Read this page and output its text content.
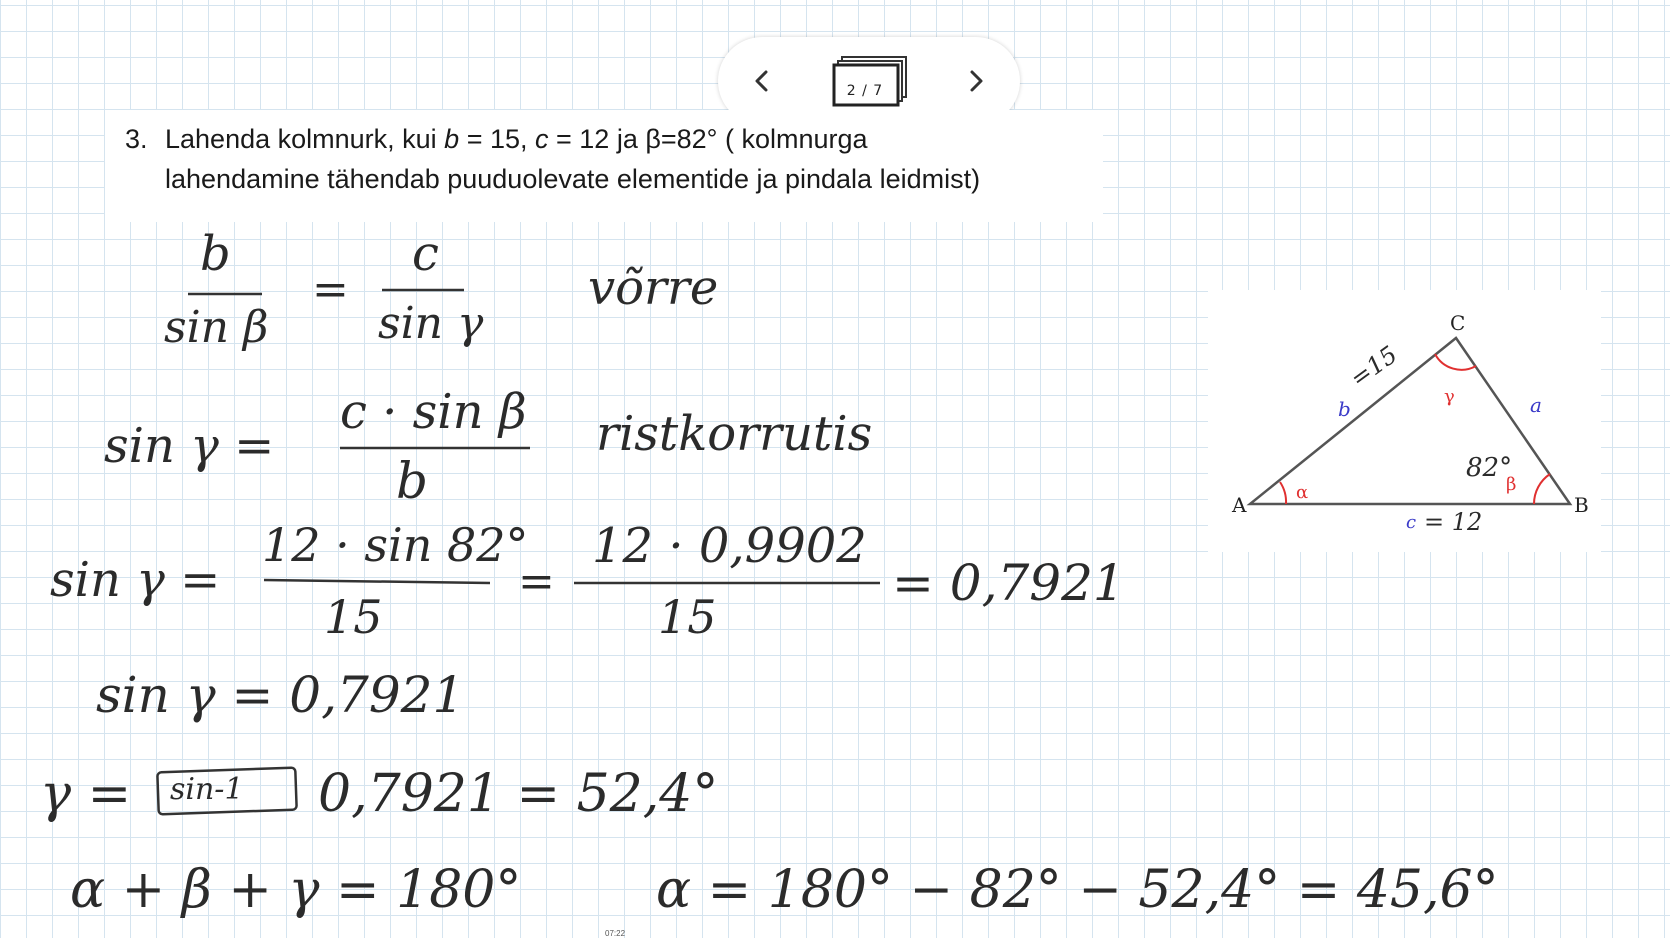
2 / 7
3. Lahenda kolmnurk, kui b = 15, c = 12 ja β=82° ( kolmnurga
lahendamine tähendab puuduolevate elementide ja pindala leidmist)
A	B
C
a
b
c
α	β
γ
=15
82°
= 12
b
sin β
=
c
sin γ
võrre
sin γ =
c · sin β
b
ristkorrutis
sin γ =
12 · sin 82°
15
=
12 · 0,9902
15
= 0,7921
sin γ = 0,7921
γ = sin-1 0,7921 = 52,4°
α + β + γ = 180°	α = 180° − 82° − 52,4° = 45,6°
07:22
